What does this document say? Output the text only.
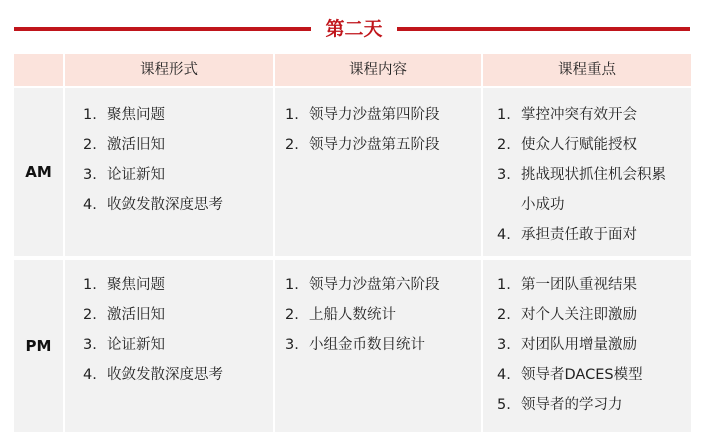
第二天
课程形式	课程内容	课程重点
AM
1. 聚焦问题
2. 激活旧知
3. 论证新知
4. 收敛发散深度思考
1. 领导力沙盘第四阶段
2. 领导力沙盘第五阶段
1. 掌控冲突有效开会
2. 使众人行赋能授权
3. 挑战现状抓住机会积累小成功
4. 承担责任敢于面对
PM
1. 聚焦问题
2. 激活旧知
3. 论证新知
4. 收敛发散深度思考
1. 领导力沙盘第六阶段
2. 上船人数统计
3. 小组金币数目统计
1. 第一团队重视结果
2. 对个人关注即激励
3. 对团队用增量激励
4. 领导者DACES模型
5. 领导者的学习力
